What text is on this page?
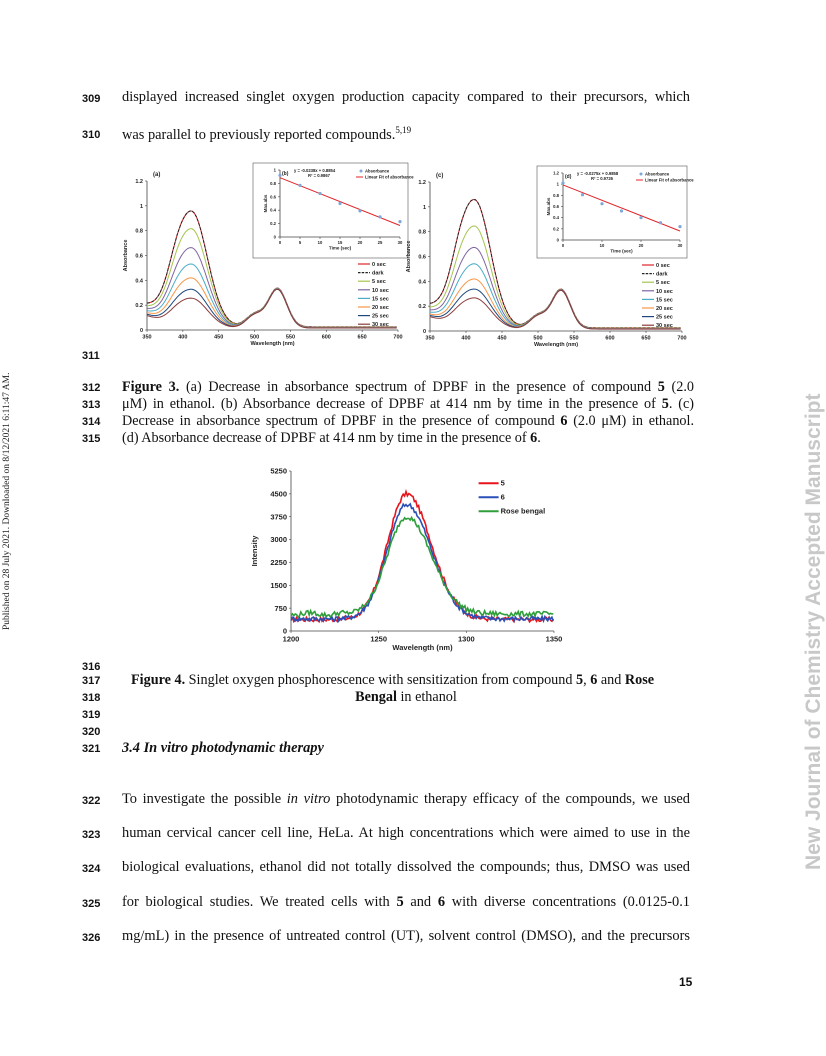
Published on 28 July 2021. Downloaded on 8/12/2021 6:11:47 AM.	New Journal of Chemistry Accepted Manuscript
309	displayed increased singlet oxygen production capacity compared to their precursors, which
310	was parallel to previously reported compounds.$^{5,19}$
(a)
350	400	450	500	550	600	650	700
0
0.2
0.4
0.6
0.8
1
1.2
Wavelength (nm)
Absorbance	0 sec
dark
5 sec
10 sec
15 sec
20 sec
25 sec
30 sec
(b)
0	5	10	15	20	25	30
0
0.2
0.4
0.6
0.8
1
Time (sec)
Max.abs
y = -0.0238x + 0.8854
R² = 0.9867
Absorbance
Linear Fit of absorbance	(c)
350	400	450	500	550	600	650	700
0
0.2
0.4
0.6
0.8
1
1.2
Wavelength (nm)
Absorbance	0 sec
dark
5 sec
10 sec
15 sec
20 sec
25 sec
30 sec
(d)
0	10	20	30
0
0.2
0.4
0.6
0.8
1
1.2
Time (sec)
Max.abs
y = -0.0275x + 0.9858
R² = 0.9726
Absorbance
Linear Fit of absorbance
311
312
313
314
315
Figure 3. (a) Decrease in absorbance spectrum of DPBF in the presence of compound 5 (2.0
μM) in ethanol. (b) Absorbance decrease of DPBF at 414 nm by time in the presence of 5. (c)
Decrease in absorbance spectrum of DPBF in the presence of compound 6 (2.0 μM) in ethanol.
(d) Absorbance decrease of DPBF at 414 nm by time in the presence of 6.
1200	1250	1300	1350
0
750
1500
2250
3000
3750
4500
5250
Wavelength (nm)
Intensity
5
6
Rose bengal
316
317
318
319
320
Figure 4. Singlet oxygen phosphorescence with sensitization from compound 5, 6 and Rose
Bengal in ethanol
321	3.4 In vitro photodynamic therapy
322	To investigate the possible in vitro photodynamic therapy efficacy of the compounds, we used
323	human cervical cancer cell line, HeLa. At high concentrations which were aimed to use in the
324	biological evaluations, ethanol did not totally dissolved the compounds; thus, DMSO was used
325	for biological studies. We treated cells with 5 and 6 with diverse concentrations (0.0125-0.1
326	mg/mL) in the presence of untreated control (UT), solvent control (DMSO), and the precursors
15
